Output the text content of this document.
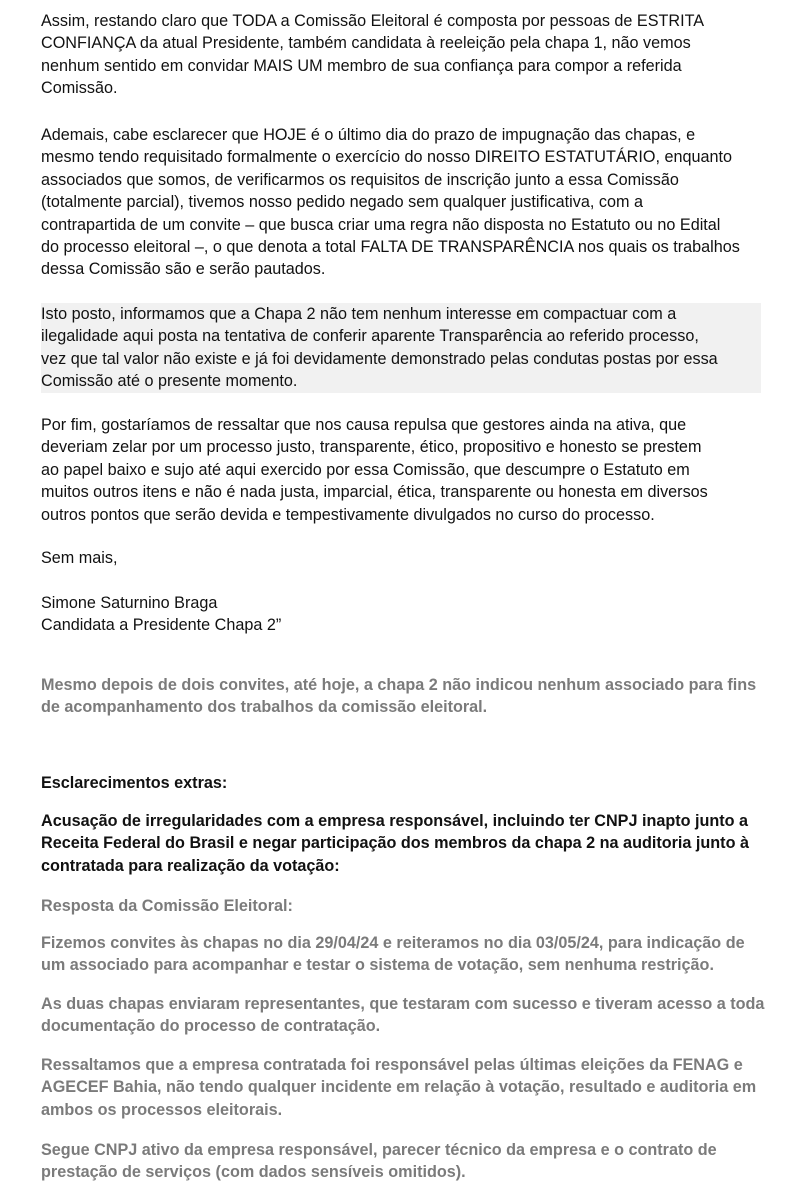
Assim, restando claro que TODA a Comissão Eleitoral é composta por pessoas de ESTRITA
CONFIANÇA da atual Presidente, também candidata à reeleição pela chapa 1, não vemos
nenhum sentido em convidar MAIS UM membro de sua confiança para compor a referida
Comissão.

Ademais, cabe esclarecer que HOJE é o último dia do prazo de impugnação das chapas, e
mesmo tendo requisitado formalmente o exercício do nosso DIREITO ESTATUTÁRIO, enquanto
associados que somos, de verificarmos os requisitos de inscrição junto a essa Comissão
(totalmente parcial), tivemos nosso pedido negado sem qualquer justificativa, com a
contrapartida de um convite – que busca criar uma regra não disposta no Estatuto ou no Edital
do processo eleitoral –, o que denota a total FALTA DE TRANSPARÊNCIA nos quais os trabalhos
dessa Comissão são e serão pautados.

Isto posto, informamos que a Chapa 2 não tem nenhum interesse em compactuar com a
ilegalidade aqui posta na tentativa de conferir aparente Transparência ao referido processo,
vez que tal valor não existe e já foi devidamente demonstrado pelas condutas postas por essa
Comissão até o presente momento.

Por fim, gostaríamos de ressaltar que nos causa repulsa que gestores ainda na ativa, que
deveriam zelar por um processo justo, transparente, ético, propositivo e honesto se prestem
ao papel baixo e sujo até aqui exercido por essa Comissão, que descumpre o Estatuto em
muitos outros itens e não é nada justa, imparcial, ética, transparente ou honesta em diversos
outros pontos que serão devida e tempestivamente divulgados no curso do processo.

Sem mais,

Simone Saturnino Braga
Candidata a Presidente Chapa 2”

Mesmo depois de dois convites, até hoje, a chapa 2 não indicou nenhum associado para fins
de acompanhamento dos trabalhos da comissão eleitoral.

Esclarecimentos extras:

Acusação de irregularidades com a empresa responsável, incluindo ter CNPJ inapto junto a
Receita Federal do Brasil e negar participação dos membros da chapa 2 na auditoria junto à
contratada para realização da votação:

Resposta da Comissão Eleitoral:

Fizemos convites às chapas no dia 29/04/24 e reiteramos no dia 03/05/24, para indicação de
um associado para acompanhar e testar o sistema de votação, sem nenhuma restrição.

As duas chapas enviaram representantes, que testaram com sucesso e tiveram acesso a toda
documentação do processo de contratação.

Ressaltamos que a empresa contratada foi responsável pelas últimas eleições da FENAG e
AGECEF Bahia, não tendo qualquer incidente em relação à votação, resultado e auditoria em
ambos os processos eleitorais.

Segue CNPJ ativo da empresa responsável, parecer técnico da empresa e o contrato de
prestação de serviços (com dados sensíveis omitidos).
